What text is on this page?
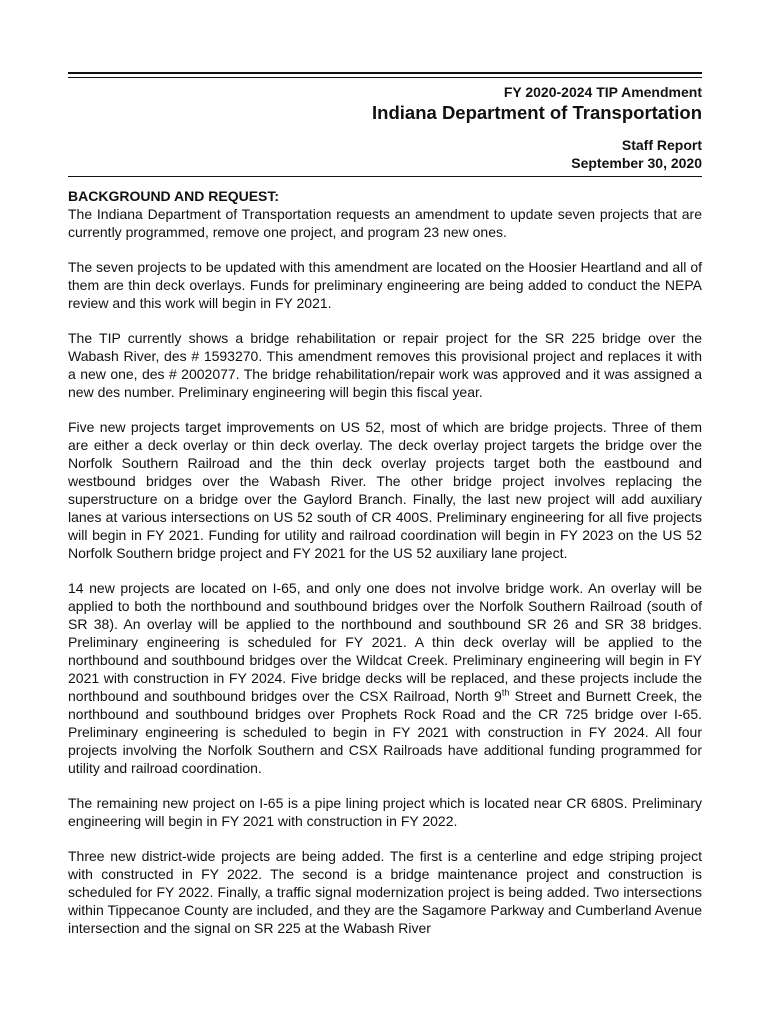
FY 2020-2024 TIP Amendment
Indiana Department of Transportation
Staff Report
September 30, 2020
BACKGROUND AND REQUEST:

The Indiana Department of Transportation requests an amendment to update seven projects that are currently programmed, remove one project, and program 23 new ones.

The seven projects to be updated with this amendment are located on the Hoosier Heartland and all of them are thin deck overlays. Funds for preliminary engineering are being added to conduct the NEPA review and this work will begin in FY 2021.

The TIP currently shows a bridge rehabilitation or repair project for the SR 225 bridge over the Wabash River, des # 1593270. This amendment removes this provisional project and replaces it with a new one, des # 2002077. The bridge rehabilitation/repair work was approved and it was assigned a new des number. Preliminary engineering will begin this fiscal year.

Five new projects target improvements on US 52, most of which are bridge projects. Three of them are either a deck overlay or thin deck overlay. The deck overlay project targets the bridge over the Norfolk Southern Railroad and the thin deck overlay projects target both the eastbound and westbound bridges over the Wabash River. The other bridge project involves replacing the superstructure on a bridge over the Gaylord Branch. Finally, the last new project will add auxiliary lanes at various intersections on US 52 south of CR 400S. Preliminary engineering for all five projects will begin in FY 2021. Funding for utility and railroad coordination will begin in FY 2023 on the US 52 Norfolk Southern bridge project and FY 2021 for the US 52 auxiliary lane project.

14 new projects are located on I-65, and only one does not involve bridge work. An overlay will be applied to both the northbound and southbound bridges over the Norfolk Southern Railroad (south of SR 38). An overlay will be applied to the northbound and southbound SR 26 and SR 38 bridges. Preliminary engineering is scheduled for FY 2021. A thin deck overlay will be applied to the northbound and southbound bridges over the Wildcat Creek. Preliminary engineering will begin in FY 2021 with construction in FY 2024. Five bridge decks will be replaced, and these projects include the northbound and southbound bridges over the CSX Railroad, North 9th Street and Burnett Creek, the northbound and southbound bridges over Prophets Rock Road and the CR 725 bridge over I-65. Preliminary engineering is scheduled to begin in FY 2021 with construction in FY 2024. All four projects involving the Norfolk Southern and CSX Railroads have additional funding programmed for utility and railroad coordination.

The remaining new project on I-65 is a pipe lining project which is located near CR 680S. Preliminary engineering will begin in FY 2021 with construction in FY 2022.

Three new district-wide projects are being added. The first is a centerline and edge striping project with constructed in FY 2022. The second is a bridge maintenance project and construction is scheduled for FY 2022. Finally, a traffic signal modernization project is being added. Two intersections within Tippecanoe County are included, and they are the Sagamore Parkway and Cumberland Avenue intersection and the signal on SR 225 at the Wabash River
